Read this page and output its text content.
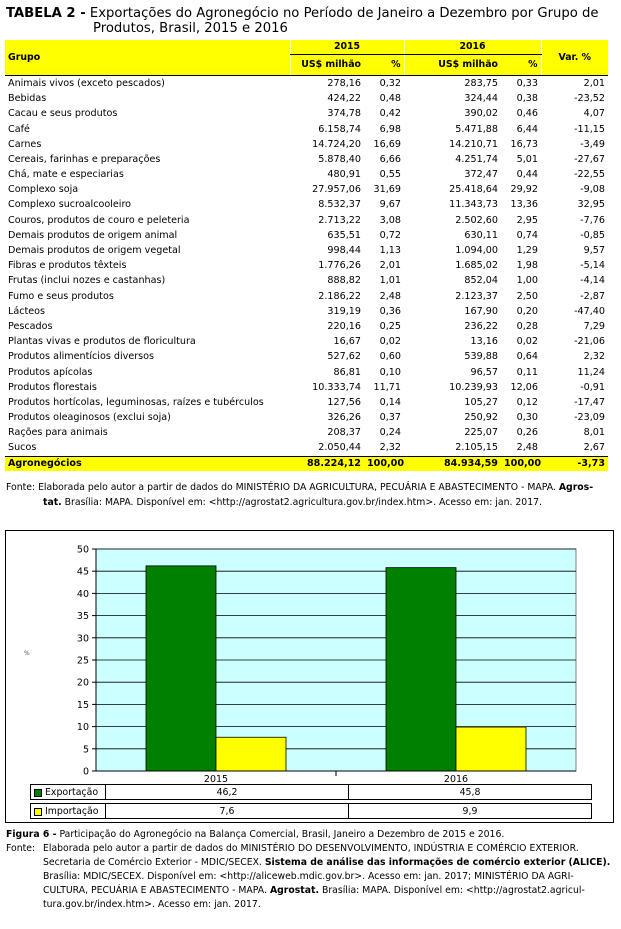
TABELA 2 - Exportações do Agronegócio no Período de Janeiro a Dezembro por Grupo de
Produtos, Brasil, 2015 e 2016
Grupo	2015		2016		Var. %
	US$ milhão	%	US$ milhão	%	
Animais vivos (exceto pescados)	278,16	0,32	283,75	0,33	2,01
Bebidas	424,22	0,48	324,44	0,38	-23,52
Cacau e seus produtos	374,78	0,42	390,02	0,46	4,07
Café	6.158,74	6,98	5.471,88	6,44	-11,15
Carnes	14.724,20	16,69	14.210,71	16,73	-3,49
Cereais, farinhas e preparações	5.878,40	6,66	4.251,74	5,01	-27,67
Chá, mate e especiarias	480,91	0,55	372,47	0,44	-22,55
Complexo soja	27.957,06	31,69	25.418,64	29,92	-9,08
Complexo sucroalcooleiro	8.532,37	9,67	11.343,73	13,36	32,95
Couros, produtos de couro e peleteria	2.713,22	3,08	2.502,60	2,95	-7,76
Demais produtos de origem animal	635,51	0,72	630,11	0,74	-0,85
Demais produtos de origem vegetal	998,44	1,13	1.094,00	1,29	9,57
Fibras e produtos têxteis	1.776,26	2,01	1.685,02	1,98	-5,14
Frutas (inclui nozes e castanhas)	888,82	1,01	852,04	1,00	-4,14
Fumo e seus produtos	2.186,22	2,48	2.123,37	2,50	-2,87
Lácteos	319,19	0,36	167,90	0,20	-47,40
Pescados	220,16	0,25	236,22	0,28	7,29
Plantas vivas e produtos de floricultura	16,67	0,02	13,16	0,02	-21,06
Produtos alimentícios diversos	527,62	0,60	539,88	0,64	2,32
Produtos apícolas	86,81	0,10	96,57	0,11	11,24
Produtos florestais	10.333,74	11,71	10.239,93	12,06	-0,91
Produtos hortícolas, leguminosas, raízes e tubérculos	127,56	0,14	105,27	0,12	-17,47
Produtos oleaginosos (exclui soja)	326,26	0,37	250,92	0,30	-23,09
Rações para animais	208,37	0,24	225,07	0,26	8,01
Sucos	2.050,44	2,32	2.105,15	2,48	2,67
Agronegócios	88.224,12	100,00	84.934,59	100,00	-3,73
Fonte: Elaborada pelo autor a partir de dados do MINISTÉRIO DA AGRICULTURA, PECUÁRIA E ABASTECIMENTO - MAPA. Agros-
tat. Brasília: MAPA. Disponível em: <http://agrostat2.agricultura.gov.br/index.htm>. Acesso em: jan. 2017.
0
5
10
15
20
25
30
35
40
45
50
2015	2016
%
Exportação	46,2	45,8
Importação	7,6	9,9
Figura 6 - Participação do Agronegócio na Balança Comercial, Brasil, Janeiro a Dezembro de 2015 e 2016.
Fonte: Elaborada pelo autor a partir de dados do MINISTÉRIO DO DESENVOLVIMENTO, INDÚSTRIA E COMÉRCIO EXTERIOR.
Secretaria de Comércio Exterior - MDIC/SECEX. Sistema de análise das informações de comércio exterior (ALICE).
Brasília: MDIC/SECEX. Disponível em: <http://aliceweb.mdic.gov.br>. Acesso em: jan. 2017; MINISTÉRIO DA AGRI-
CULTURA, PECUÁRIA E ABASTECIMENTO - MAPA. Agrostat. Brasília: MAPA. Disponível em: <http://agrostat2.agricul-
tura.gov.br/index.htm>. Acesso em: jan. 2017.
